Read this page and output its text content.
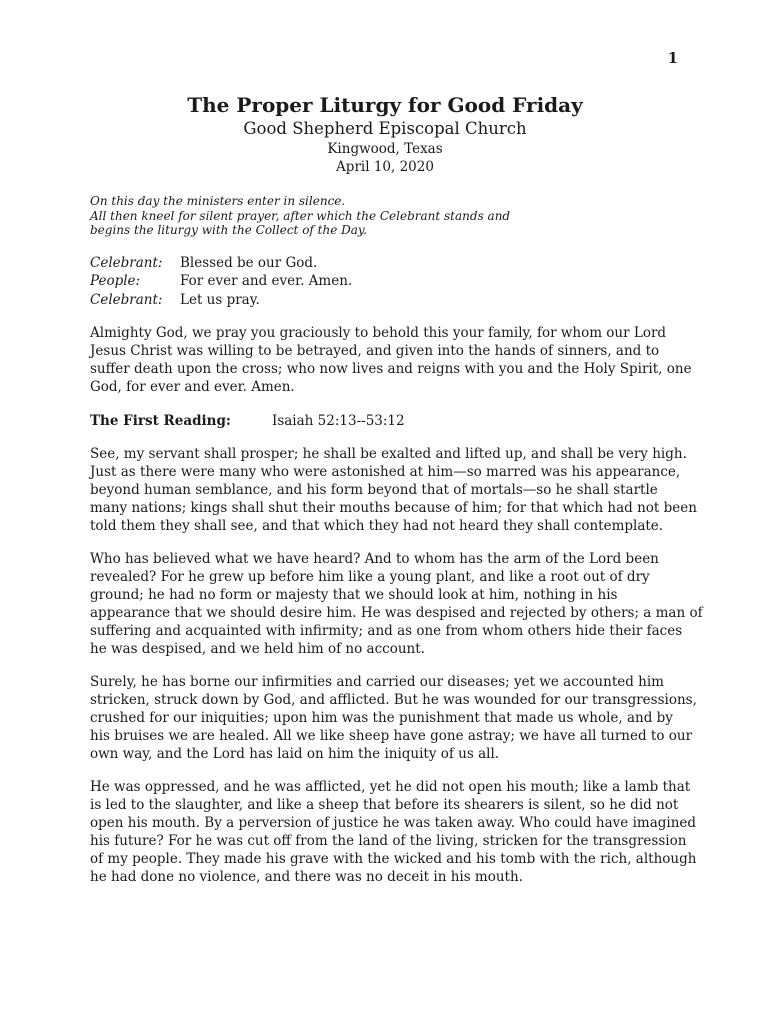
1
The Proper Liturgy for Good Friday

Good Shepherd Episcopal Church

Kingwood, Texas

April 10, 2020

On this day the ministers enter in silence.
All then kneel for silent prayer, after which the Celebrant stands and
begins the liturgy with the Collect of the Day.
Celebrant:	Blessed be our God.
People:	For ever and ever. Amen.
Celebrant:	Let us pray.
Almighty God, we pray you graciously to behold this your family, for whom our Lord
Jesus Christ was willing to be betrayed, and given into the hands of sinners, and to
suffer death upon the cross; who now lives and reigns with you and the Holy Spirit, one
God, for ever and ever. Amen.
The First Reading:	Isaiah 52:13--53:12
See, my servant shall prosper; he shall be exalted and lifted up, and shall be very high.
Just as there were many who were astonished at him—so marred was his appearance,
beyond human semblance, and his form beyond that of mortals—so he shall startle
many nations; kings shall shut their mouths because of him; for that which had not been
told them they shall see, and that which they had not heard they shall contemplate.
Who has believed what we have heard? And to whom has the arm of the Lord been
revealed? For he grew up before him like a young plant, and like a root out of dry
ground; he had no form or majesty that we should look at him, nothing in his
appearance that we should desire him. He was despised and rejected by others; a man of
suffering and acquainted with infirmity; and as one from whom others hide their faces
he was despised, and we held him of no account.
Surely, he has borne our infirmities and carried our diseases; yet we accounted him
stricken, struck down by God, and afflicted. But he was wounded for our transgressions,
crushed for our iniquities; upon him was the punishment that made us whole, and by
his bruises we are healed. All we like sheep have gone astray; we have all turned to our
own way, and the Lord has laid on him the iniquity of us all.
He was oppressed, and he was afflicted, yet he did not open his mouth; like a lamb that
is led to the slaughter, and like a sheep that before its shearers is silent, so he did not
open his mouth. By a perversion of justice he was taken away. Who could have imagined
his future? For he was cut off from the land of the living, stricken for the transgression
of my people. They made his grave with the wicked and his tomb with the rich, although
he had done no violence, and there was no deceit in his mouth.
